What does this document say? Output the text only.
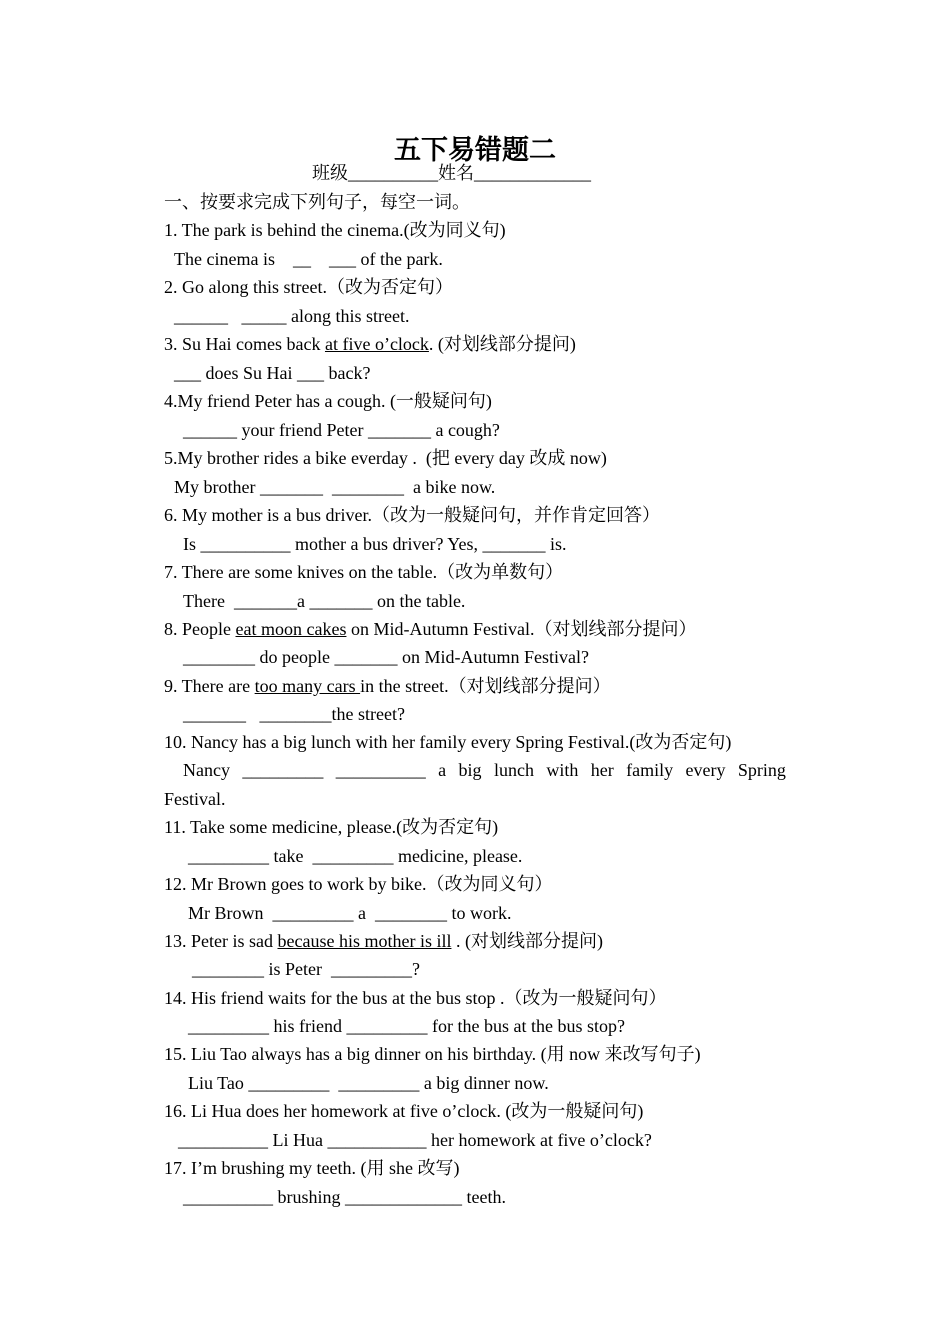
五下易错题二
班级__________姓名_____________
一、按要求完成下列句子，每空一词。
1. The park is behind the cinema.(改为同义句)
The cinema is    __    ___ of the park.
2. Go along this street.（改为否定句）
______   _____ along this street.
3. Su Hai comes back at five o’clock. (对划线部分提问)
___ does Su Hai ___ back?
4.My friend Peter has a cough. (一般疑问句)
______ your friend Peter _______ a cough?
5.My brother rides a bike everday .  (把 every day 改成 now)
My brother _______  ________  a bike now.
6. My mother is a bus driver.（改为一般疑问句，并作肯定回答）
Is __________ mother a bus driver? Yes, _______ is.
7. There are some knives on the table.（改为单数句）
There  _______a _______ on the table.
8. People eat moon cakes on Mid-Autumn Festival.（对划线部分提问）
________ do people _______ on Mid-Autumn Festival?
9. There are too many cars in the street.（对划线部分提问）
_______   ________the street?
10. Nancy has a big lunch with her family every Spring Festival.(改为否定句)
Nancy _________ __________ a big lunch with her family every Spring
Festival.
11. Take some medicine, please.(改为否定句)
_________ take  _________ medicine, please.
12. Mr Brown goes to work by bike.（改为同义句）
Mr Brown  _________ a  ________ to work.
13. Peter is sad because his mother is ill . (对划线部分提问)
________ is Peter  _________?
14. His friend waits for the bus at the bus stop .（改为一般疑问句）
_________ his friend _________ for the bus at the bus stop?
15. Liu Tao always has a big dinner on his birthday. (用 now 来改写句子)
Liu Tao _________  _________ a big dinner now.
16. Li Hua does her homework at five o’clock. (改为一般疑问句)
__________ Li Hua ___________ her homework at five o’clock?
17. I’m brushing my teeth. (用 she 改写)
__________ brushing _____________ teeth.
